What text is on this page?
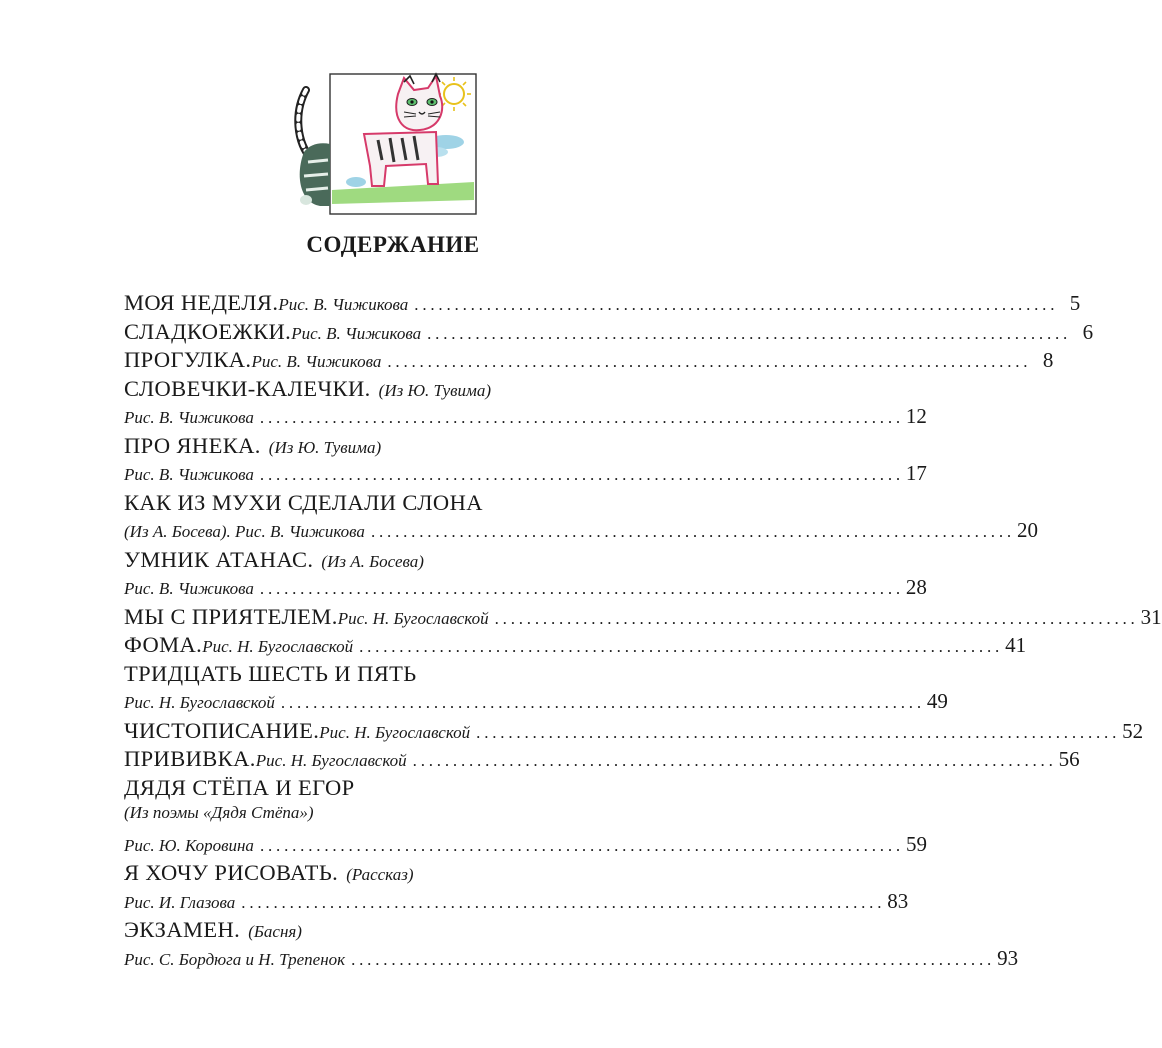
СОДЕРЖАНИЕ
МОЯ НЕДЕЛЯ. Рис. В. Чижикова ................................................................................ 5
СЛАДКОЕЖКИ. Рис. В. Чижикова ................................................................................ 6
ПРОГУЛКА. Рис. В. Чижикова ................................................................................ 8
СЛОВЕЧКИ-КАЛЕЧКИ. (Из Ю. Тувима)
Рис. В. Чижикова ................................................................................ 12
ПРО ЯНЕКА. (Из Ю. Тувима)
Рис. В. Чижикова ................................................................................ 17
КАК ИЗ МУХИ СДЕЛАЛИ СЛОНА
(Из А. Босева). Рис. В. Чижикова ................................................................................ 20
УМНИК АТАНАС. (Из А. Босева)
Рис. В. Чижикова ................................................................................ 28
МЫ С ПРИЯТЕЛЕМ. Рис. Н. Бугославской ................................................................................ 31
ФОМА. Рис. Н. Бугославской ................................................................................ 41
ТРИДЦАТЬ ШЕСТЬ И ПЯТЬ
Рис. Н. Бугославской ................................................................................ 49
ЧИСТОПИСАНИЕ. Рис. Н. Бугославской ................................................................................ 52
ПРИВИВКА. Рис. Н. Бугославской ................................................................................ 56
ДЯДЯ СТЁПА И ЕГОР
(Из поэмы «Дядя Стёпа»)
Рис. Ю. Коровина ................................................................................ 59
Я ХОЧУ РИСОВАТЬ. (Рассказ)
Рис. И. Глазова ................................................................................ 83
ЭКЗАМЕН. (Басня)
Рис. С. Бордюга и Н. Трепенок ................................................................................ 93
